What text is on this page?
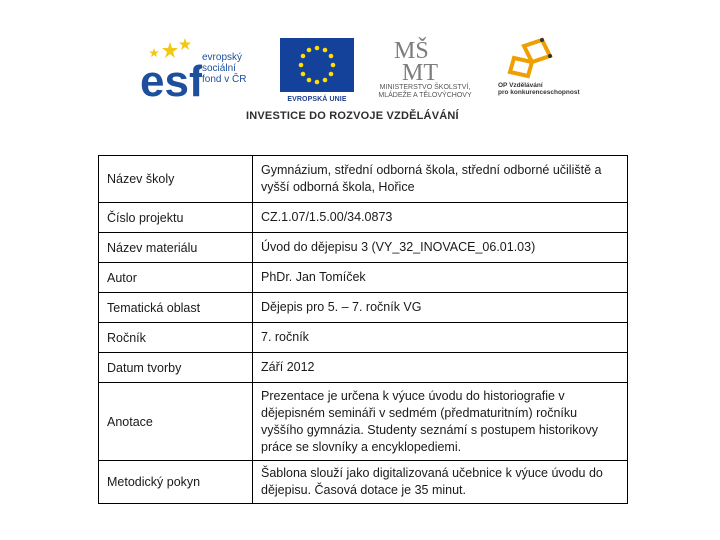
esf
evropský
sociální
fond v ČR
EVROPSKÁ UNIE
MŠ
MT
MINISTERSTVO ŠKOLSTVÍ,
MLÁDEŽE A TĚLOVÝCHOVY
OP Vzdělávání
pro konkurenceschopnost
INVESTICE DO ROZVOJE VZDĚLÁVÁNÍ
Název školy	Gymnázium, střední odborná škola, střední odborné učiliště a vyšší odborná škola, Hořice
Číslo projektu	CZ.1.07/1.5.00/34.0873
Název materiálu	Úvod do dějepisu 3 (VY_32_INOVACE_06.01.03)
Autor	PhDr. Jan Tomíček
Tematická oblast	Dějepis pro 5. – 7. ročník VG
Ročník	7. ročník
Datum tvorby	Září 2012
Anotace	Prezentace je určena k výuce úvodu do historiografie v dějepisném semináři v sedmém (předmaturitním) ročníku vyššího gymnázia. Studenty seznámí s postupem historikovy práce se slovníky a encyklopediemi.
Metodický pokyn	Šablona slouží jako digitalizovaná učebnice k výuce úvodu do dějepisu. Časová dotace je 35 minut.
